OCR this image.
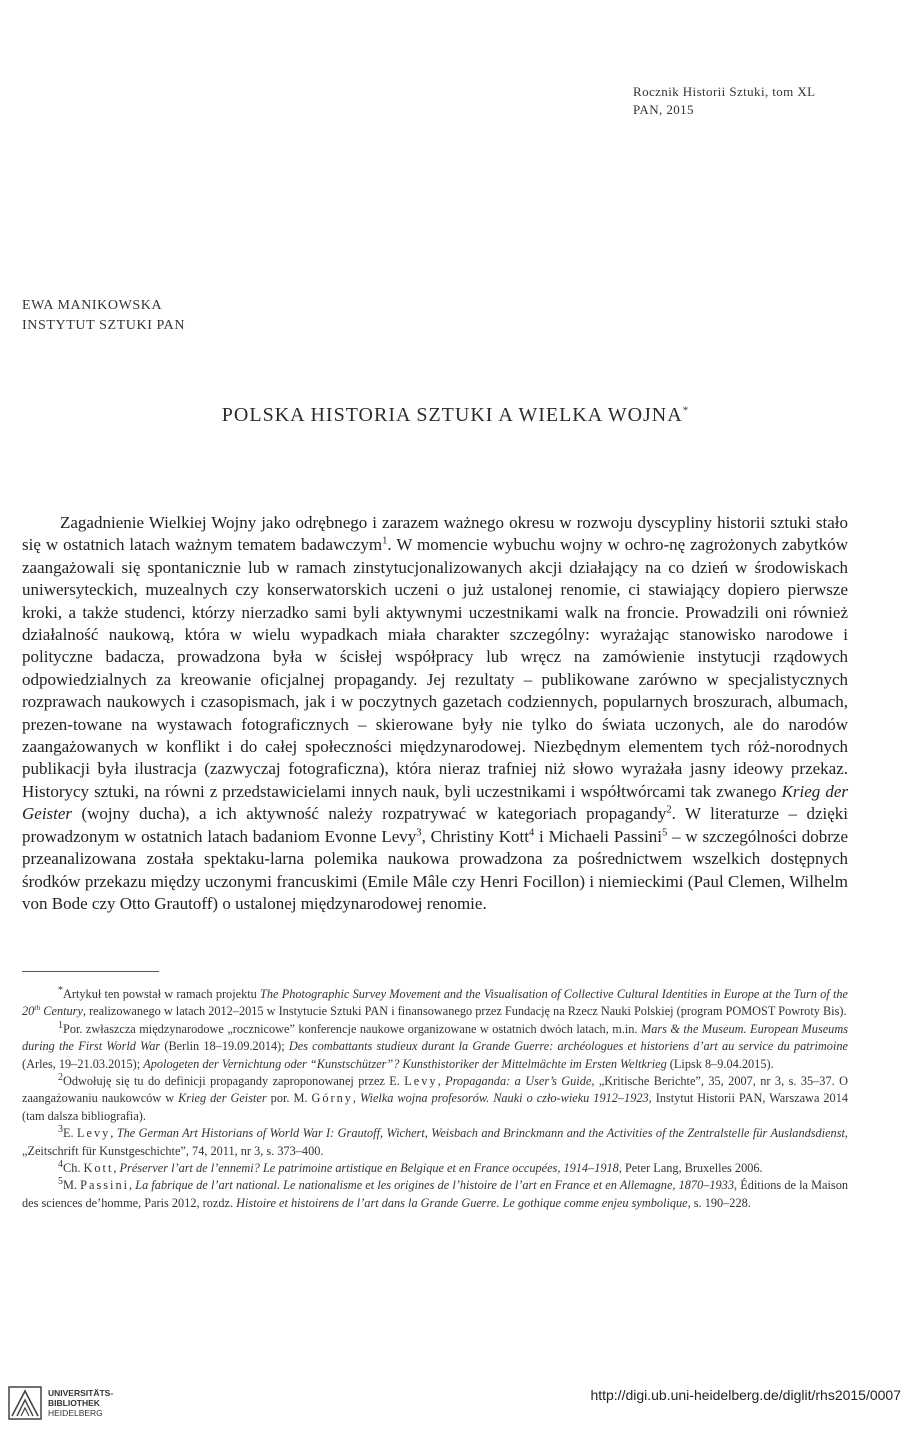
Rocznik Historii Sztuki, tom XL
PAN, 2015
EWA MANIKOWSKA
INSTYTUT SZTUKI PAN
POLSKA HISTORIA SZTUKI A WIELKA WOJNA*

Zagadnienie Wielkiej Wojny jako odrębnego i zarazem ważnego okresu w rozwoju dyscypliny historii sztuki stało się w ostatnich latach ważnym tematem badawczym$^1$. W momencie wybuchu wojny w ochro-nę zagrożonych zabytków zaangażowali się spontanicznie lub w ramach zinstytucjonalizowanych akcji działający na co dzień w środowiskach uniwersyteckich, muzealnych czy konserwatorskich uczeni o już ustalonej renomie, ci stawiający dopiero pierwsze kroki, a także studenci, którzy nierzadko sami byli aktywnymi uczestnikami walk na froncie. Prowadzili oni również działalność naukową, która w wielu wypadkach miała charakter szczególny: wyrażając stanowisko narodowe i polityczne badacza, prowadzona była w ścisłej współpracy lub wręcz na zamówienie instytucji rządowych odpowiedzialnych za kreowanie oficjalnej propagandy. Jej rezultaty – publikowane zarówno w specjalistycznych rozprawach naukowych i czasopismach, jak i w poczytnych gazetach codziennych, popularnych broszurach, albumach, prezen-towane na wystawach fotograficznych – skierowane były nie tylko do świata uczonych, ale do narodów zaangażowanych w konflikt i do całej społeczności międzynarodowej. Niezbędnym elementem tych róż-norodnych publikacji była ilustracja (zazwyczaj fotograficzna), która nieraz trafniej niż słowo wyrażała jasny ideowy przekaz. Historycy sztuki, na równi z przedstawicielami innych nauk, byli uczestnikami i współtwórcami tak zwanego Krieg der Geister (wojny ducha), a ich aktywność należy rozpatrywać w kategoriach propagandy$^2$. W literaturze – dzięki prowadzonym w ostatnich latach badaniom Evonne Levy$^3$, Christiny Kott$^4$ i Michaeli Passini$^5$ – w szczególności dobrze przeanalizowana została spektaku-larna polemika naukowa prowadzona za pośrednictwem wszelkich dostępnych środków przekazu między uczonymi francuskimi (Emile Mâle czy Henri Focillon) i niemieckimi (Paul Clemen, Wilhelm von Bode czy Otto Grautoff) o ustalonej międzynarodowej renomie.

*Artykuł ten powstał w ramach projektu The Photographic Survey Movement and the Visualisation of Collective Cultural Identities in Europe at the Turn of the 20th Century, realizowanego w latach 2012–2015 w Instytucie Sztuki PAN i finansowanego przez Fundację na Rzecz Nauki Polskiej (program POMOST Powroty Bis).

1Por. zwłaszcza międzynarodowe „rocznicowe” konferencje naukowe organizowane w ostatnich dwóch latach, m.in. Mars & the Museum. European Museums during the First World War (Berlin 18–19.09.2014); Des combattants studieux durant la Grande Guerre: archéologues et historiens d’art au service du patrimoine (Arles, 19–21.03.2015); Apologeten der Vernichtung oder “Kunstschützer”? Kunsthistoriker der Mittelmächte im Ersten Weltkrieg (Lipsk 8–9.04.2015).

2Odwołuję się tu do definicji propagandy zaproponowanej przez E. Levy, Propaganda: a User’s Guide, „Kritische Berichte”, 35, 2007, nr 3, s. 35–37. O zaangażowaniu naukowców w Krieg der Geister por. M. Górny, Wielka wojna profesorów. Nauki o czło-wieku 1912–1923, Instytut Historii PAN, Warszawa 2014 (tam dalsza bibliografia).

3E. Levy, The German Art Historians of World War I: Grautoff, Wichert, Weisbach and Brinckmann and the Activities of the Zentralstelle für Auslandsdienst, „Zeitschrift für Kunstgeschichte”, 74, 2011, nr 3, s. 373–400.

4Ch. Kott, Préserver l’art de l’ennemi? Le patrimoine artistique en Belgique et en France occupées, 1914–1918, Peter Lang, Bruxelles 2006.

5M. Passini, La fabrique de l’art national. Le nationalisme et les origines de l’histoire de l’art en France et en Allemagne, 1870–1933, Éditions de la Maison des sciences de’homme, Paris 2012, rozdz. Histoire et histoirens de l’art dans la Grande Guerre. Le gothique comme enjeu symbolique, s. 190–228.

UNIVERSITÄTS-
BIBLIOTHEK
HEIDELBERG
http://digi.ub.uni-heidelberg.de/diglit/rhs2015/0007
